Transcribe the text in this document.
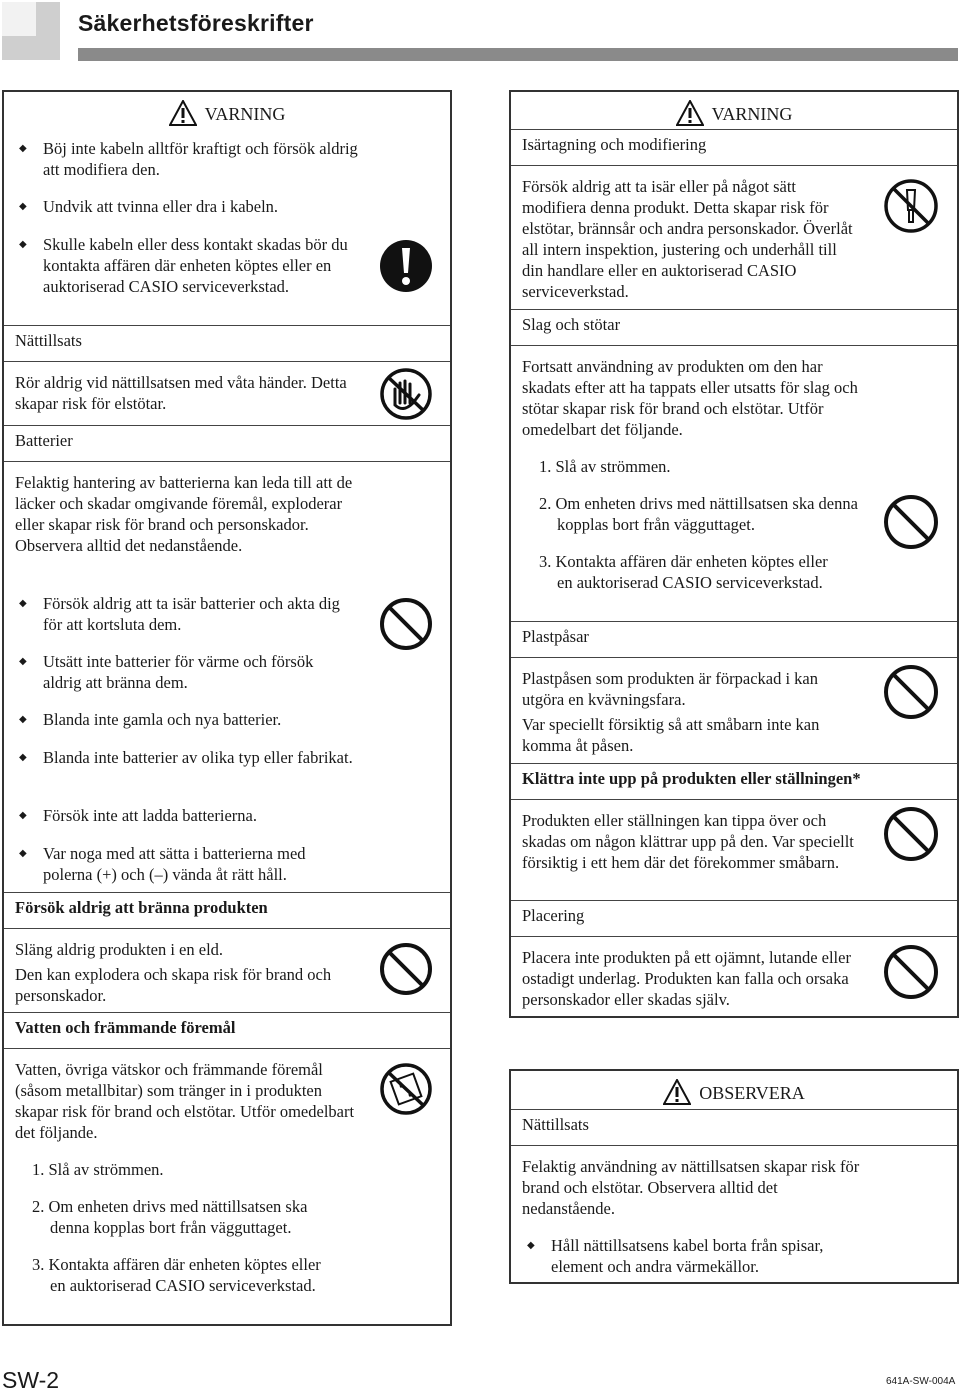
Säkerhetsföreskrifter
VARNING
◆ Böj inte kabeln alltför kraftigt och försök aldrig att modifiera den.
◆ Undvik att tvinna eller dra i kabeln.
◆ Skulle kabeln eller dess kontakt skadas bör du kontakta affären där enheten köptes eller en auktoriserad CASIO serviceverkstad.
Nättillsats
Rör aldrig vid nättillsatsen med våta händer. Detta skapar risk för elstötar.
Batterier
Felaktig hantering av batterierna kan leda till att de läcker och skadar omgivande föremål, exploderar eller skapar risk för brand och personskador. Observera alltid det nedanstående.
◆ Försök aldrig att ta isär batterier och akta dig för att kortsluta dem.
◆ Utsätt inte batterier för värme och försök aldrig att bränna dem.
◆ Blanda inte gamla och nya batterier.
◆ Blanda inte batterier av olika typ eller fabrikat.
◆ Försök inte att ladda batterierna.
◆ Var noga med att sätta i batterierna med polerna (+) och (–) vända åt rätt håll.
Försök aldrig att bränna produkten
Släng aldrig produkten i en eld.
Den kan explodera och skapa risk för brand och personskador.
Vatten och främmande föremål
Vatten, övriga vätskor och främmande föremål (såsom metallbitar) som tränger in i produkten skapar risk för brand och elstötar. Utför omedelbart det följande.
1. Slå av strömmen.
2. Om enheten drivs med nättillsatsen ska denna kopplas bort från vägguttaget.
3. Kontakta affären där enheten köptes eller en auktoriserad CASIO serviceverkstad.
VARNING
Isärtagning och modifiering
Försök aldrig att ta isär eller på något sätt modifiera denna produkt. Detta skapar risk för elstötar, brännsår och andra personskador. Överlåt all intern inspektion, justering och underhåll till din handlare eller en auktoriserad CASIO serviceverkstad.
Slag och stötar
Fortsatt användning av produkten om den har skadats efter att ha tappats eller utsatts för slag och stötar skapar risk för brand och elstötar. Utför omedelbart det följande.
1. Slå av strömmen.
2. Om enheten drivs med nättillsatsen ska denna kopplas bort från vägguttaget.
3. Kontakta affären där enheten köptes eller en auktoriserad CASIO serviceverkstad.
Plastpåsar
Plastpåsen som produkten är förpackad i kan utgöra en kvävningsfara.
Var speciellt försiktig så att småbarn inte kan komma åt påsen.
Klättra inte upp på produkten eller ställningen*
Produkten eller ställningen kan tippa över och skadas om någon klättrar upp på den. Var speciellt försiktig i ett hem där det förekommer småbarn.
Placering
Placera inte produkten på ett ojämnt, lutande eller ostadigt underlag. Produkten kan falla och orsaka personskador eller skadas själv.
OBSERVERA
Nättillsats
Felaktig användning av nättillsatsen skapar risk för brand och elstötar. Observera alltid det nedanstående.
◆ Håll nättillsatsens kabel borta från spisar, element och andra värmekällor.
SW-2	641A-SW-004A
